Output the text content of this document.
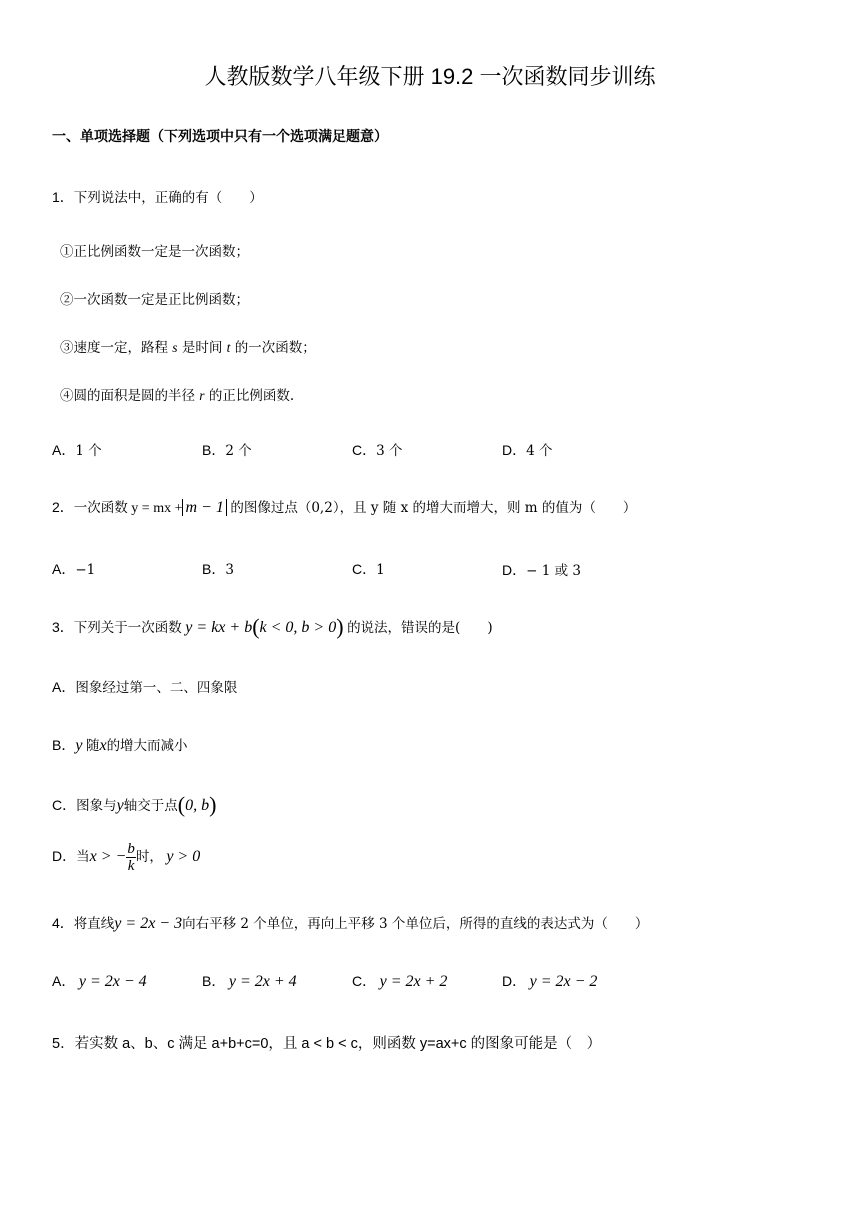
人教版数学八年级下册 19.2 一次函数同步训练
一、单项选择题（下列选项中只有一个选项满足题意）
1．下列说法中，正确的有（　　）
①正比例函数一定是一次函数；
②一次函数一定是正比例函数；
③速度一定，路程 s 是时间 t 的一次函数；
④圆的面积是圆的半径 r 的正比例函数.
A．1 个	B．2 个	C．3 个	D．4 个
2．一次函数 y = mx + m − 1 的图像过点（0,2），且 y 随 x 的增大而增大，则 m 的值为（　　）
A．−1	B．3	C．1	D．− 1 或 3
3．下列关于一次函数 y = kx + b(k < 0, b > 0) 的说法，错误的是(　　)
A．图象经过第一、二、四象限
B．y 随x的增大而减小
C．图象与y轴交于点(0, b)
D．当x > − $\frac{b}{k}$ 时， y > 0
4．将直线y = 2x − 3向右平移 2 个单位，再向上平移 3 个单位后，所得的直线的表达式为（　　）
A． y = 2x − 4	B． y = 2x + 4	C． y = 2x + 2	D． y = 2x − 2
5．若实数 a、b、c 满足 a+b+c=0，且 a < b < c，则函数 y=ax+c 的图象可能是（　）
